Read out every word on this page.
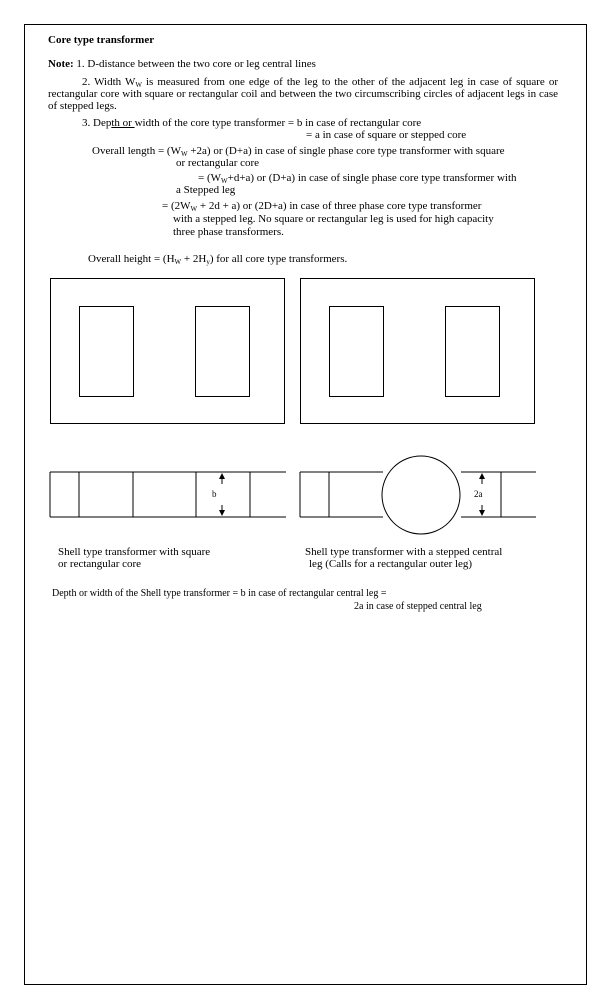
Core type transformer
Note: 1. D-distance between the two core or leg central lines
2. Width $W_W$ is measured from one edge of the leg to the other of the adjacent leg in case of square or rectangular core with square or rectangular coil and between the two circumscribing circles of adjacent legs in case of stepped legs.
3. Depth or width of the core type transformer = b in case of rectangular core
= a in case of square or stepped core
Overall length = $(W_W +2a)$ or (D+a) in case of single phase core type transformer with square
or rectangular core
= $(W_W+d+a)$ or (D+a) in case of single phase core type transformer with
a Stepped leg
= $(2W_W + 2d + a)$ or (2D+a) in case of three phase core type transformer
with a stepped leg. No square or rectangular leg is used for high capacity
three phase transformers.
Overall height = $(H_W + 2H_y)$ for all core type transformers.
b	2a
Shell type transformer with square
or rectangular core
Shell type transformer with a stepped central
leg (Calls for a rectangular outer leg)
Depth or width of the Shell type transformer = b in case of rectangular central leg =
2a in case of stepped central leg
